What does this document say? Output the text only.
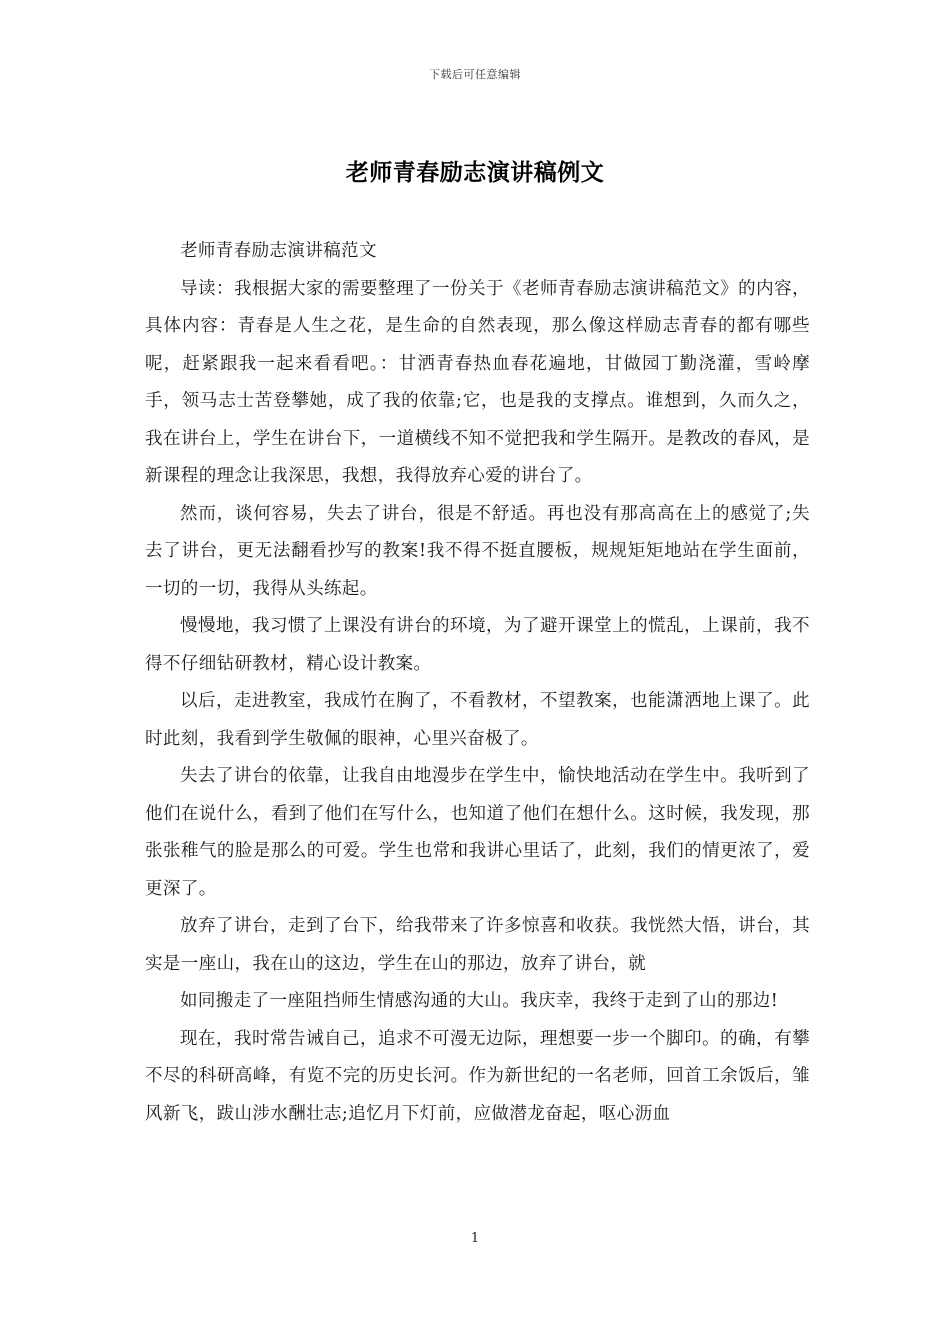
下载后可任意编辑
老师青春励志演讲稿例文

老师青春励志演讲稿范文

导读：我根据大家的需要整理了一份关于《老师青春励志演讲稿范文》的内容，具体内容：青春是人生之花，是生命的自然表现，那么像这样励志青春的都有哪些呢，赶紧跟我一起来看看吧。：甘洒青春热血春花遍地，甘做园丁勤浇灌，雪岭摩手，领马志士苦登攀她，成了我的依靠;它，也是我的支撑点。谁想到，久而久之，我在讲台上，学生在讲台下，一道横线不知不觉把我和学生隔开。是教改的春风，是新课程的理念让我深思，我想，我得放弃心爱的讲台了。

然而，谈何容易，失去了讲台，很是不舒适。再也没有那高高在上的感觉了;失去了讲台，更无法翻看抄写的教案!我不得不挺直腰板，规规矩矩地站在学生面前，一切的一切，我得从头练起。

慢慢地，我习惯了上课没有讲台的环境，为了避开课堂上的慌乱，上课前，我不得不仔细钻研教材，精心设计教案。

以后，走进教室，我成竹在胸了，不看教材，不望教案，也能潇洒地上课了。此时此刻，我看到学生敬佩的眼神，心里兴奋极了。

失去了讲台的依靠，让我自由地漫步在学生中，愉快地活动在学生中。我听到了他们在说什么，看到了他们在写什么，也知道了他们在想什么。这时候，我发现，那张张稚气的脸是那么的可爱。学生也常和我讲心里话了，此刻，我们的情更浓了，爱更深了。

放弃了讲台，走到了台下，给我带来了许多惊喜和收获。我恍然大悟，讲台，其实是一座山，我在山的这边，学生在山的那边，放弃了讲台，就

如同搬走了一座阻挡师生情感沟通的大山。我庆幸，我终于走到了山的那边!

现在，我时常告诫自己，追求不可漫无边际，理想要一步一个脚印。的确，有攀不尽的科研高峰，有览不完的历史长河。作为新世纪的一名老师，回首工余饭后，雏风新飞，跋山涉水酬壮志;追忆月下灯前，应做潜龙奋起，呕心沥血

1
